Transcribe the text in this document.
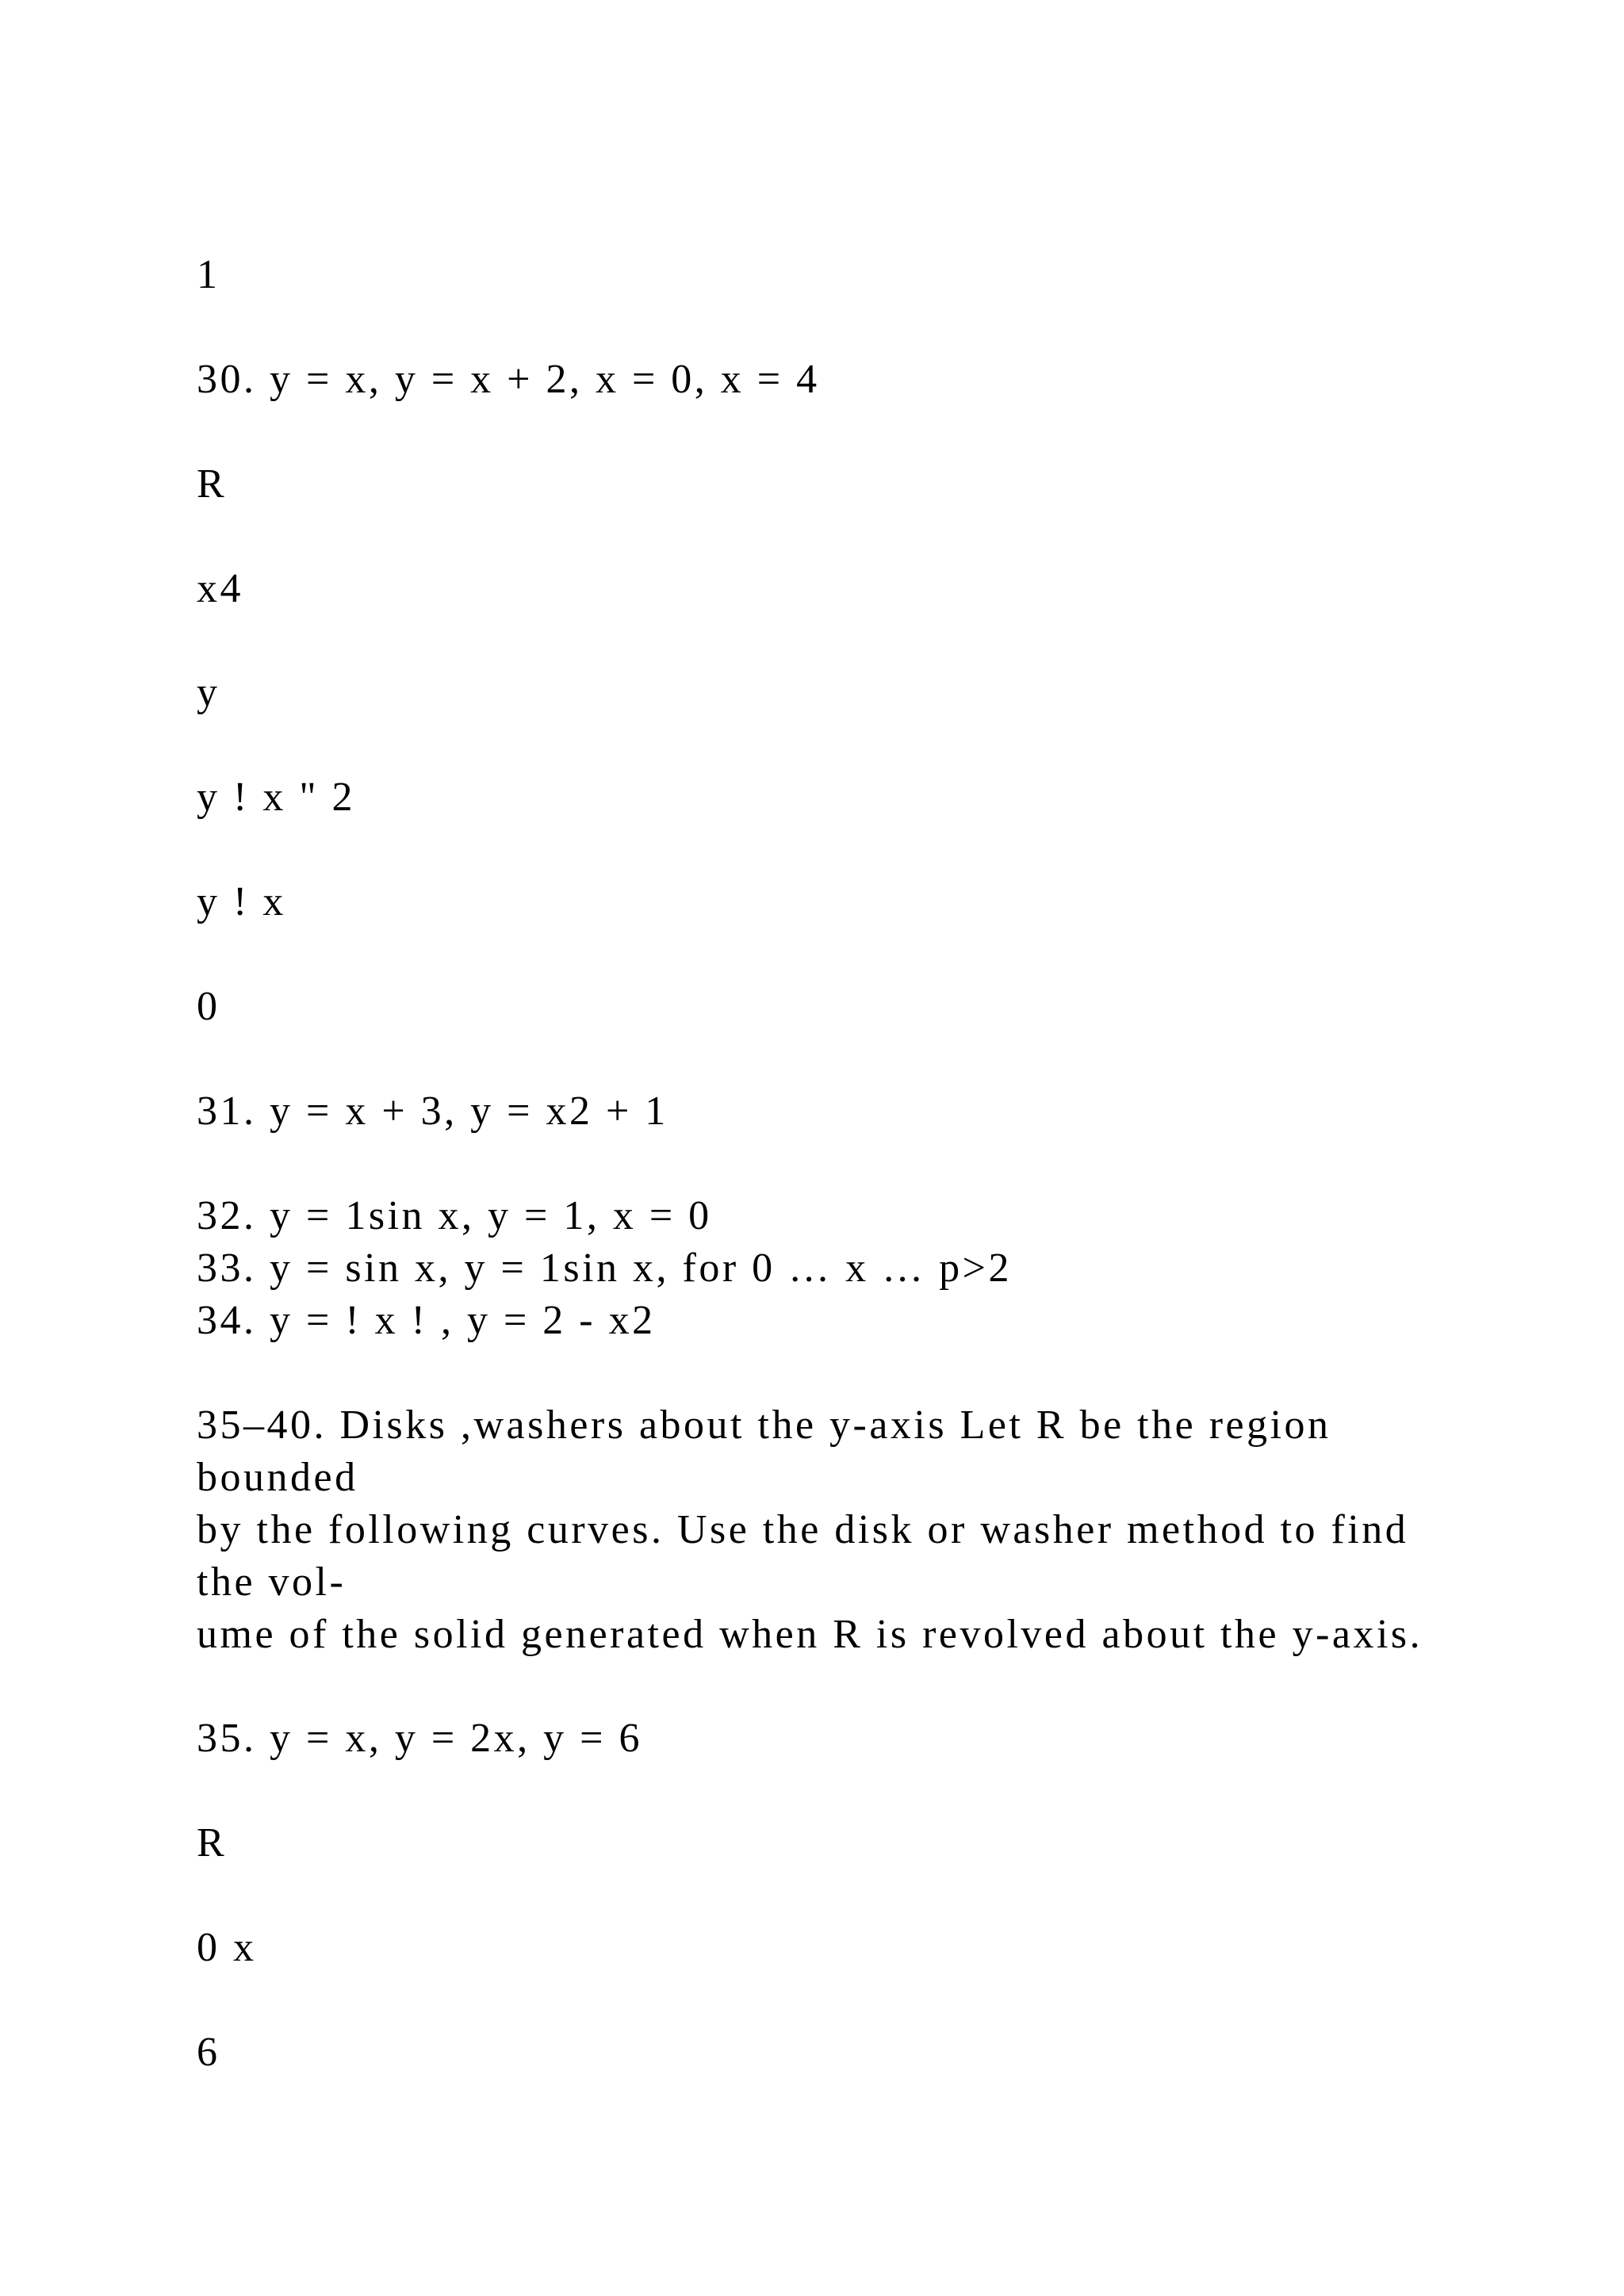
1

30. y = x, y = x + 2, x = 0, x = 4

R

x4

y

y ! x " 2

y ! x

0

31. y = x + 3, y = x2 + 1

32. y = 1sin x, y = 1, x = 0

33. y = sin x, y = 1sin x, for 0 … x … p>2

34. y = ! x ! , y = 2 - x2

35–40. Disks ,washers about the y-axis Let R be the region

bounded

by the following curves. Use the disk or washer method to find

the vol-

ume of the solid generated when R is revolved about the y-axis.

35. y = x, y = 2x, y = 6

R

0 x

6
